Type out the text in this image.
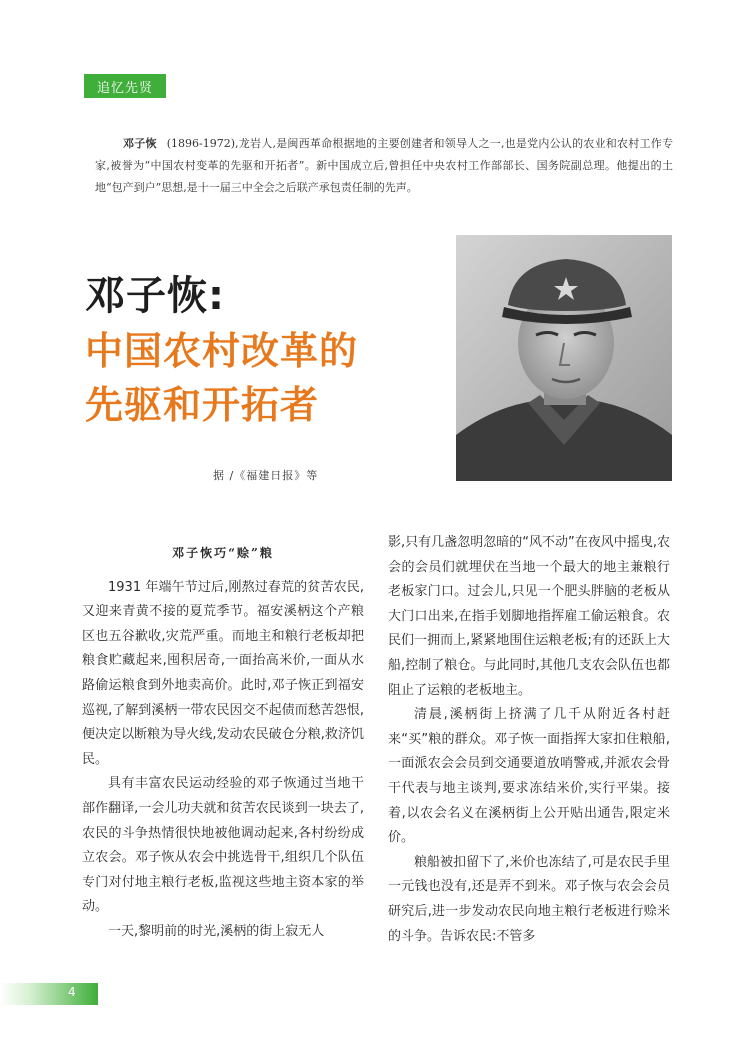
追忆先贤
邓子恢 (1896-1972),龙岩人,是闽西革命根据地的主要创建者和领导人之一,也是党内公认的农业和农村工作专家,被誉为“中国农村变革的先驱和开拓者”。新中国成立后,曾担任中央农村工作部部长、国务院副总理。他提出的土地“包产到户”思想,是十一届三中全会之后联产承包责任制的先声。
邓子恢:
中国农村改革的
先驱和开拓者
据 /《福建日报》等
邓子恢巧“赊”粮

1931 年端午节过后,刚熬过春荒的贫苦农民,又迎来青黄不接的夏荒季节。福安溪柄这个产粮区也五谷歉收,灾荒严重。而地主和粮行老板却把粮食贮藏起来,囤积居奇,一面抬高米价,一面从水路偷运粮食到外地卖高价。此时,邓子恢正到福安巡视,了解到溪柄一带农民因交不起债而愁苦怨恨,便决定以断粮为导火线,发动农民破仓分粮,救济饥民。

具有丰富农民运动经验的邓子恢通过当地干部作翻译,一会儿功夫就和贫苦农民谈到一块去了,农民的斗争热情很快地被他调动起来,各村纷纷成立农会。邓子恢从农会中挑选骨干,组织几个队伍专门对付地主粮行老板,监视这些地主资本家的举动。

一天,黎明前的时光,溪柄的街上寂无人

影,只有几盏忽明忽暗的“风不动”在夜风中摇曳,农会的会员们就埋伏在当地一个最大的地主兼粮行老板家门口。过会儿,只见一个肥头胖脑的老板从大门口出来,在指手划脚地指挥雇工偷运粮食。农民们一拥而上,紧紧地围住运粮老板;有的还跃上大船,控制了粮仓。与此同时,其他几支农会队伍也都阻止了运粮的老板地主。

清晨,溪柄街上挤满了几千从附近各村赶来“买”粮的群众。邓子恢一面指挥大家扣住粮船,一面派农会会员到交通要道放哨警戒,并派农会骨干代表与地主谈判,要求冻结米价,实行平粜。接着,以农会名义在溪柄街上公开贴出通告,限定米价。

粮船被扣留下了,米价也冻结了,可是农民手里一元钱也没有,还是弄不到米。邓子恢与农会会员研究后,进一步发动农民向地主粮行老板进行赊米的斗争。告诉农民:不管多

4
